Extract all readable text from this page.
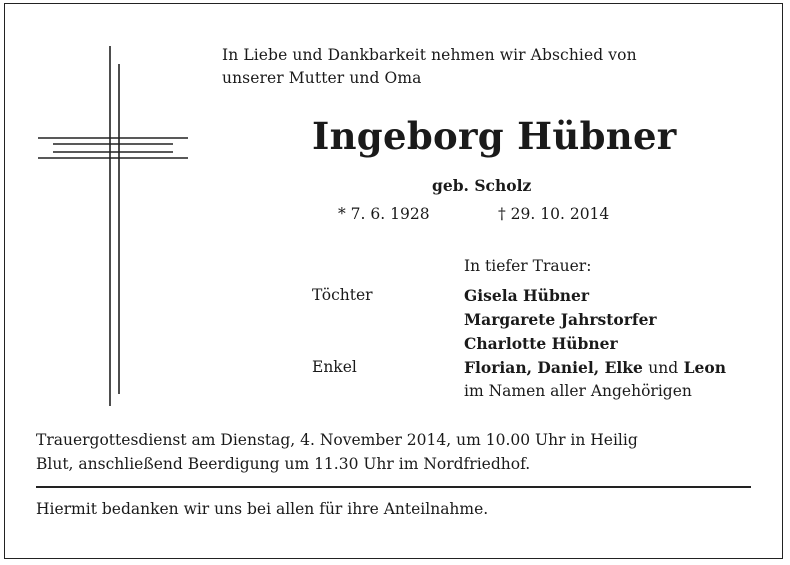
In Liebe und Dankbarkeit nehmen wir Abschied von
unserer Mutter und Oma
Ingeborg Hübner
geb. Scholz
* 7. 6. 1928	† 29. 10. 2014
In tiefer Trauer:
Töchter	Gisela Hübner
Margarete Jahrstorfer
Charlotte Hübner
Enkel	Florian, Daniel, Elke und Leon
im Namen aller Angehörigen
Trauergottesdienst am Dienstag, 4. November 2014, um 10.00 Uhr in Heilig
Blut, anschließend Beerdigung um 11.30 Uhr im Nordfriedhof.
Hiermit bedanken wir uns bei allen für ihre Anteilnahme.
